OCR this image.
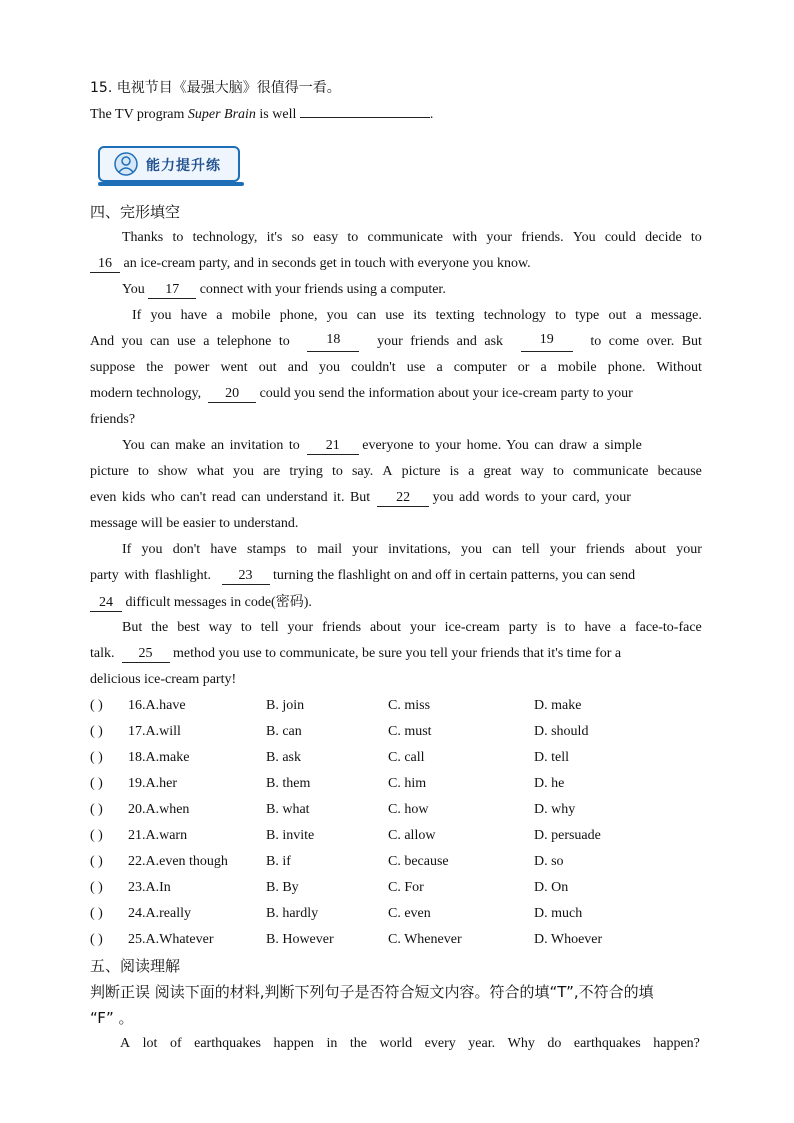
15. 电视节目《最强大脑》很值得一看。
The TV program Super Brain is well	.
能力提升练
四、完形填空
Thanks to technology, it's so easy to communicate with your friends. You could decide to
16 an ice-cream party, and in seconds get in touch with everyone you know.
You 17 connect with your friends using a computer.
If you have a mobile phone, you can use its texting technology to type out a message.
And you can use a telephone to	18	your friends and ask	19	to come over. But
suppose the power went out and you couldn't use a computer or a mobile phone. Without
modern technology, 20 could you send the information about your ice-cream party to your
friends?
You can make an invitation to 21 everyone to your home. You can draw a simple
picture to show what you are trying to say. A picture is a great way to communicate because
even kids who can't read can understand it. But 22 you add words to your card, your
message will be easier to understand.
If you don't have stamps to mail your invitations, you can tell your friends about your
party with flashlight. 23 turning the flashlight on and off in certain patterns, you can send
24 difficult messages in code(密码).
But the best way to tell your friends about your ice-cream party is to have a face-to-face
talk. 25 method you use to communicate, be sure you tell your friends that it's time for a
delicious ice-cream party!
( ) 16.A.have	B. join	C. miss	D. make
( ) 17.A.will	B. can	C. must	D. should
( ) 18.A.make	B. ask	C. call	D. tell
( ) 19.A.her	B. them	C. him	D. he
( ) 20.A.when	B. what	C. how	D. why
( ) 21.A.warn	B. invite	C. allow	D. persuade
( ) 22.A.even though	B. if	C. because	D. so
( ) 23.A.In	B. By	C. For	D. On
( ) 24.A.really	B. hardly	C. even	D. much
( ) 25.A.Whatever	B. However	C. Whenever	D. Whoever
五、阅读理解
判断正误 阅读下面的材料,判断下列句子是否符合短文内容。符合的填“T”,不符合的填
“F” 。
A lot of earthquakes happen in the world every year. Why do earthquakes happen?
